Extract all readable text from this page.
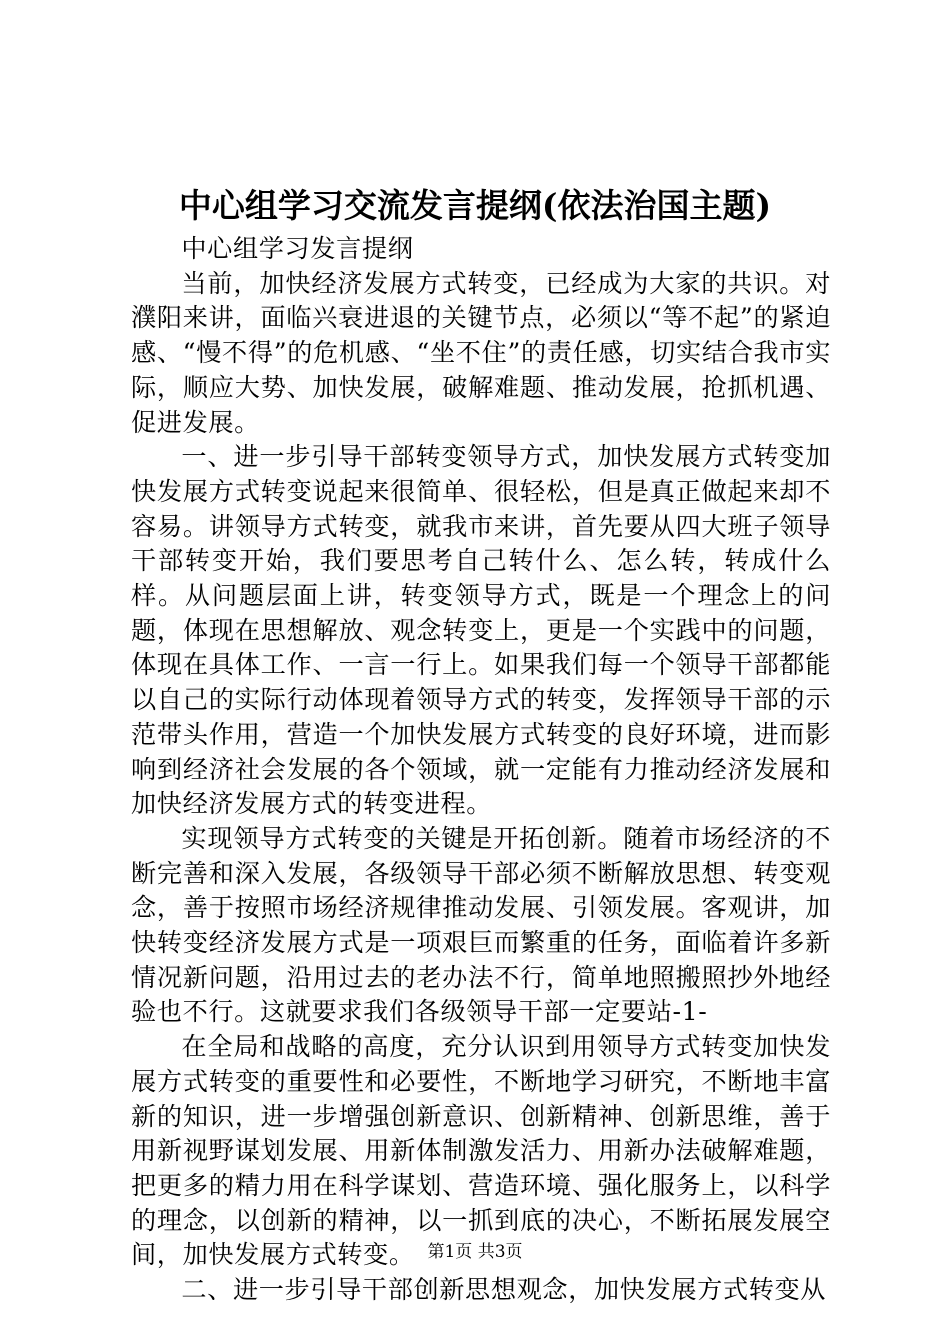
中心组学习交流发言提纲(依法治国主题)

中心组学习发言提纲

当前，加快经济发展方式转变，已经成为大家的共识。对濮阳来讲，面临兴衰进退的关键节点，必须以“等不起”的紧迫感、“慢不得”的危机感、“坐不住”的责任感，切实结合我市实际，顺应大势、加快发展，破解难题、推动发展，抢抓机遇、促进发展。

一、进一步引导干部转变领导方式，加快发展方式转变加快发展方式转变说起来很简单、很轻松，但是真正做起来却不容易。讲领导方式转变，就我市来讲，首先要从四大班子领导干部转变开始，我们要思考自己转什么、怎么转，转成什么样。从问题层面上讲，转变领导方式，既是一个理念上的问题，体现在思想解放、观念转变上，更是一个实践中的问题，体现在具体工作、一言一行上。如果我们每一个领导干部都能以自己的实际行动体现着领导方式的转变，发挥领导干部的示范带头作用，营造一个加快发展方式转变的良好环境，进而影响到经济社会发展的各个领域，就一定能有力推动经济发展和加快经济发展方式的转变进程。

实现领导方式转变的关键是开拓创新。随着市场经济的不断完善和深入发展，各级领导干部必须不断解放思想、转变观念，善于按照市场经济规律推动发展、引领发展。客观讲，加快转变经济发展方式是一项艰巨而繁重的任务，面临着许多新情况新问题，沿用过去的老办法不行，简单地照搬照抄外地经验也不行。这就要求我们各级领导干部一定要站-1-

在全局和战略的高度，充分认识到用领导方式转变加快发展方式转变的重要性和必要性，不断地学习研究，不断地丰富新的知识，进一步增强创新意识、创新精神、创新思维，善于用新视野谋划发展、用新体制激发活力、用新办法破解难题，把更多的精力用在科学谋划、营造环境、强化服务上，以科学的理念，以创新的精神，以一抓到底的决心，不断拓展发展空间，加快发展方式转变。

二、进一步引导干部创新思想观念，加快发展方式转变从

第1页 共3页
